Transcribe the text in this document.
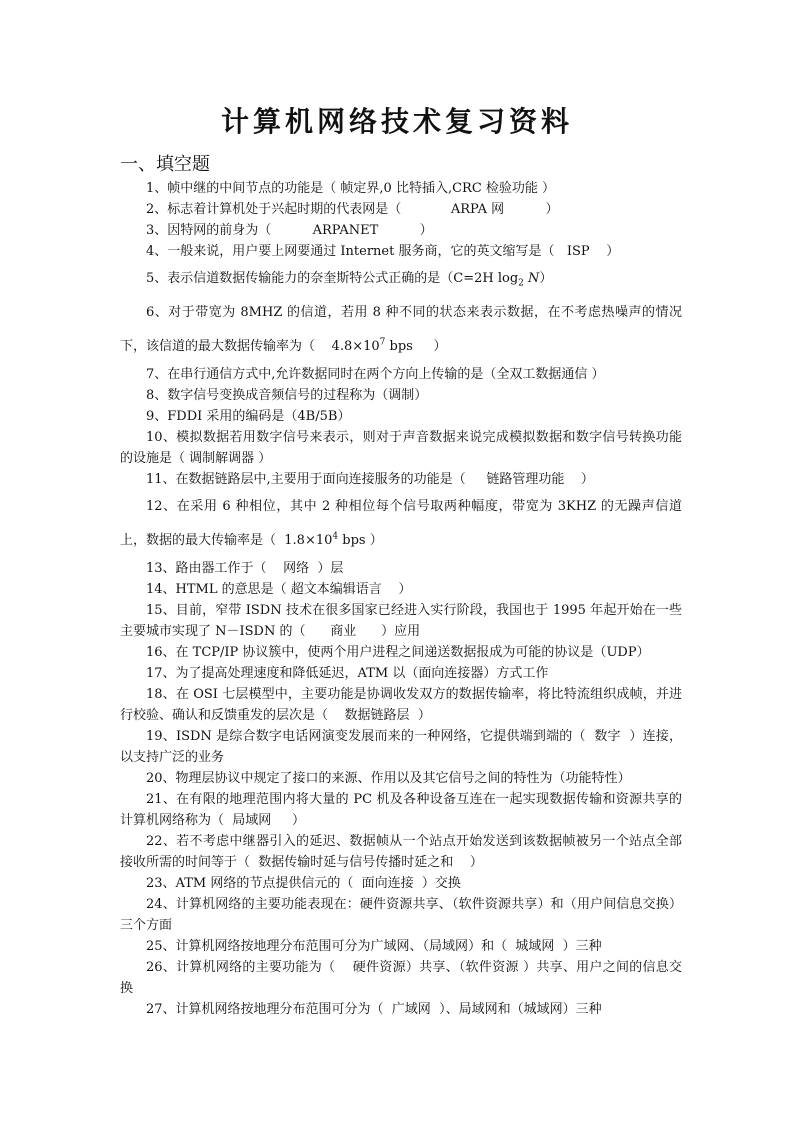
计算机网络技术复习资料
一、填空题

1、帧中继的中间节点的功能是（ 帧定界,0 比特插入,CRC 检验功能 ）

2、标志着计算机处于兴起时期的代表网是（            ARPA 网          ）

3、因特网的前身为（          ARPANET          ）

4、一般来说，用户要上网要通过 Internet 服务商，它的英文缩写是（   ISP    ）

5、表示信道数据传输能力的奈奎斯特公式正确的是（C=2H $\log_2 N$）

6、对于带宽为 8MHZ 的信道，若用 8 种不同的状态来表示数据，在不考虑热噪声的情况下，该信道的最大数据传输率为（    $4.8\times 10^7$ bps     ）

7、在串行通信方式中,允许数据同时在两个方向上传输的是（全双工数据通信 ）

8、数字信号变换成音频信号的过程称为（调制）

9、FDDI 采用的编码是（4B/5B）

10、模拟数据若用数字信号来表示，则对于声音数据来说完成模拟数据和数字信号转换功能的设施是（ 调制解调器 ）

11、在数据链路层中,主要用于面向连接服务的功能是（     链路管理功能    ）

12、在采用 6 种相位，其中 2 种相位每个信号取两种幅度，带宽为 3KHZ 的无躁声信道上，数据的最大传输率是（  $1.8\times 10^4$ bps ）

13、路由器工作于（    网络  ）层

14、HTML 的意思是（ 超文本编辑语言    ）

15、目前，窄带 ISDN 技术在很多国家已经进入实行阶段，我国也于 1995 年起开始在一些主要城市实现了 N－ISDN 的（      商业      ）应用

16、在 TCP/IP 协议簇中，使两个用户进程之间递送数据报成为可能的协议是（UDP）

17、为了提高处理速度和降低延迟，ATM 以（面向连接器）方式工作

18、在 OSI 七层模型中，主要功能是协调收发双方的数据传输率，将比特流组织成帧，并进行校验、确认和反馈重发的层次是（    数据链路层  ）

19、ISDN 是综合数字电话网演变发展而来的一种网络，它提供端到端的（  数字  ）连接，以支持广泛的业务

20、物理层协议中规定了接口的来源、作用以及其它信号之间的特性为（功能特性）

21、在有限的地理范围内将大量的 PC 机及各种设备互连在一起实现数据传输和资源共享的计算机网络称为（  局域网     ）

22、若不考虑中继器引入的延迟、数据帧从一个站点开始发送到该数据帧被另一个站点全部接收所需的时间等于（  数据传输时延与信号传播时延之和    ）

23、ATM 网络的节点提供信元的（  面向连接  ）交换

24、计算机网络的主要功能表现在：硬件资源共享、（软件资源共享）和（用户间信息交换）三个方面

25、计算机网络按地理分布范围可分为广域网、（局域网）和（  城域网  ）三种

26、计算机网络的主要功能为（    硬件资源）共享、（软件资源 ）共享、用户之间的信息交换

27、计算机网络按地理分布范围可分为（  广域网  ）、局域网和（城域网）三种
